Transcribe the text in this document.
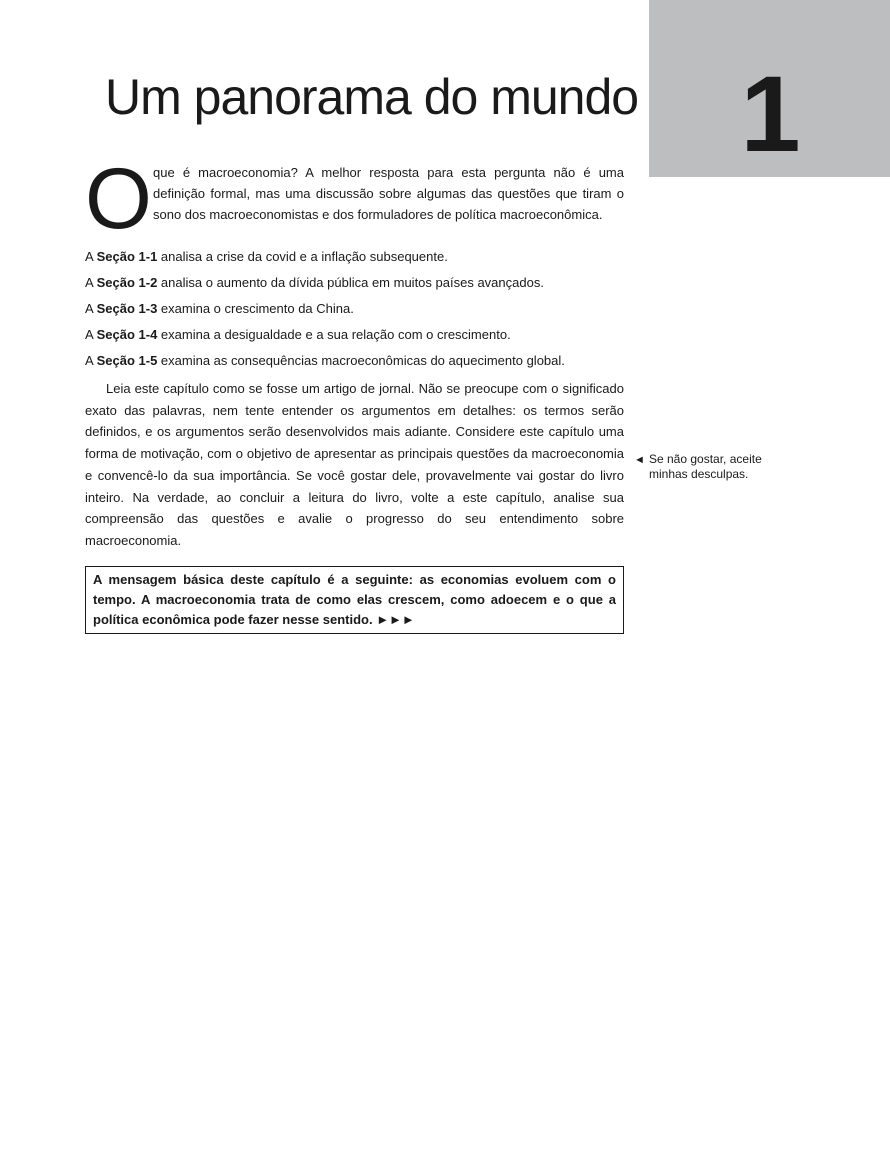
1
Um panorama do mundo
O que é macroeconomia? A melhor resposta para esta pergunta não é uma definição formal, mas uma discussão sobre algumas das questões que tiram o sono dos macroeconomistas e dos formuladores de política macroeconômica.

A Seção 1-1 analisa a crise da covid e a inflação subsequente.

A Seção 1-2 analisa o aumento da dívida pública em muitos países avançados.

A Seção 1-3 examina o crescimento da China.

A Seção 1-4 examina a desigualdade e a sua relação com o crescimento.

A Seção 1-5 examina as consequências macroeconômicas do aquecimento global.

Leia este capítulo como se fosse um artigo de jornal. Não se preocupe com o significado exato das palavras, nem tente entender os argumentos em detalhes: os termos serão definidos, e os argumentos serão desenvolvidos mais adiante. Considere este capítulo uma forma de motivação, com o objetivo de apresentar as principais questões da macroeconomia e convencê-lo da sua importância. Se você gostar dele, provavelmente vai gostar do livro inteiro. Na verdade, ao concluir a leitura do livro, volte a este capítulo, analise sua compreensão das questões e avalie o progresso do seu entendimento sobre macroeconomia.

A mensagem básica deste capítulo é a seguinte: as economias evoluem com o tempo. A macroeconomia trata de como elas crescem, como adoecem e o que a política econômica pode fazer nesse sentido. ►►►
◄ Se não gostar, aceite minhas desculpas.
